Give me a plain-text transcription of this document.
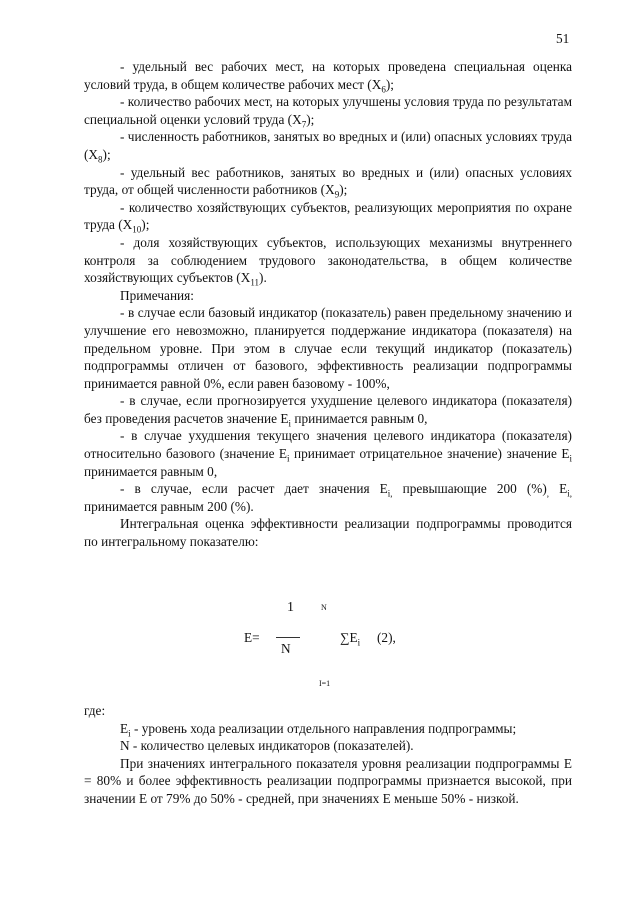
51

- удельный вес рабочих мест, на которых проведена специальная оценка условий труда, в общем количестве рабочих мест $(X_6)$;

- количество рабочих мест, на которых улучшены условия труда по результатам специальной оценки условий труда $(X_7)$;

- численность работников, занятых во вредных и (или) опасных условиях труда $(X_8)$;

- удельный вес работников, занятых во вредных и (или) опасных условиях труда, от общей численности работников $(X_9)$;

- количество хозяйствующих субъектов, реализующих мероприятия по охране труда $(X_{10})$;

- доля хозяйствующих субъектов, использующих механизмы внутреннего контроля за соблюдением трудового законодательства, в общем количестве хозяйствующих субъектов $(X_{11})$.

Примечания:

- в случае если базовый индикатор (показатель) равен предельному значению и улучшение его невозможно, планируется поддержание индикатора (показателя) на предельном уровне. При этом в случае если текущий индикатор (показатель) подпрограммы отличен от базового, эффективность реализации подпрограммы принимается равной 0%, если равен базовому - 100%,

- в случае, если прогнозируется ухудшение целевого индикатора (показателя) без проведения расчетов значение $E_i$ принимается равным 0,

- в случае ухудшения текущего значения целевого индикатора (показателя) относительно базового (значение $E_i$ принимает отрицательное значение) значение $E_i$ принимается равным 0,

- в случае, если расчет дает значения $E_{i,}$ превышающие 200 $(\%)_,$ $E_{i,}$ принимается равным 200 (%).

Интегральная оценка эффективности реализации подпрограммы проводится по интегральному показателю:

1	N
E=
N
$\sum E_i$ (2),
I=1

где:

$E_i$ - уровень хода реализации отдельного направления подпрограммы;

N - количество целевых индикаторов (показателей).

При значениях интегрального показателя уровня реализации подпрограммы E = 80% и более эффективность реализации подпрограммы признается высокой, при значении E от 79% до 50% - средней, при значениях E меньше 50% - низкой.
